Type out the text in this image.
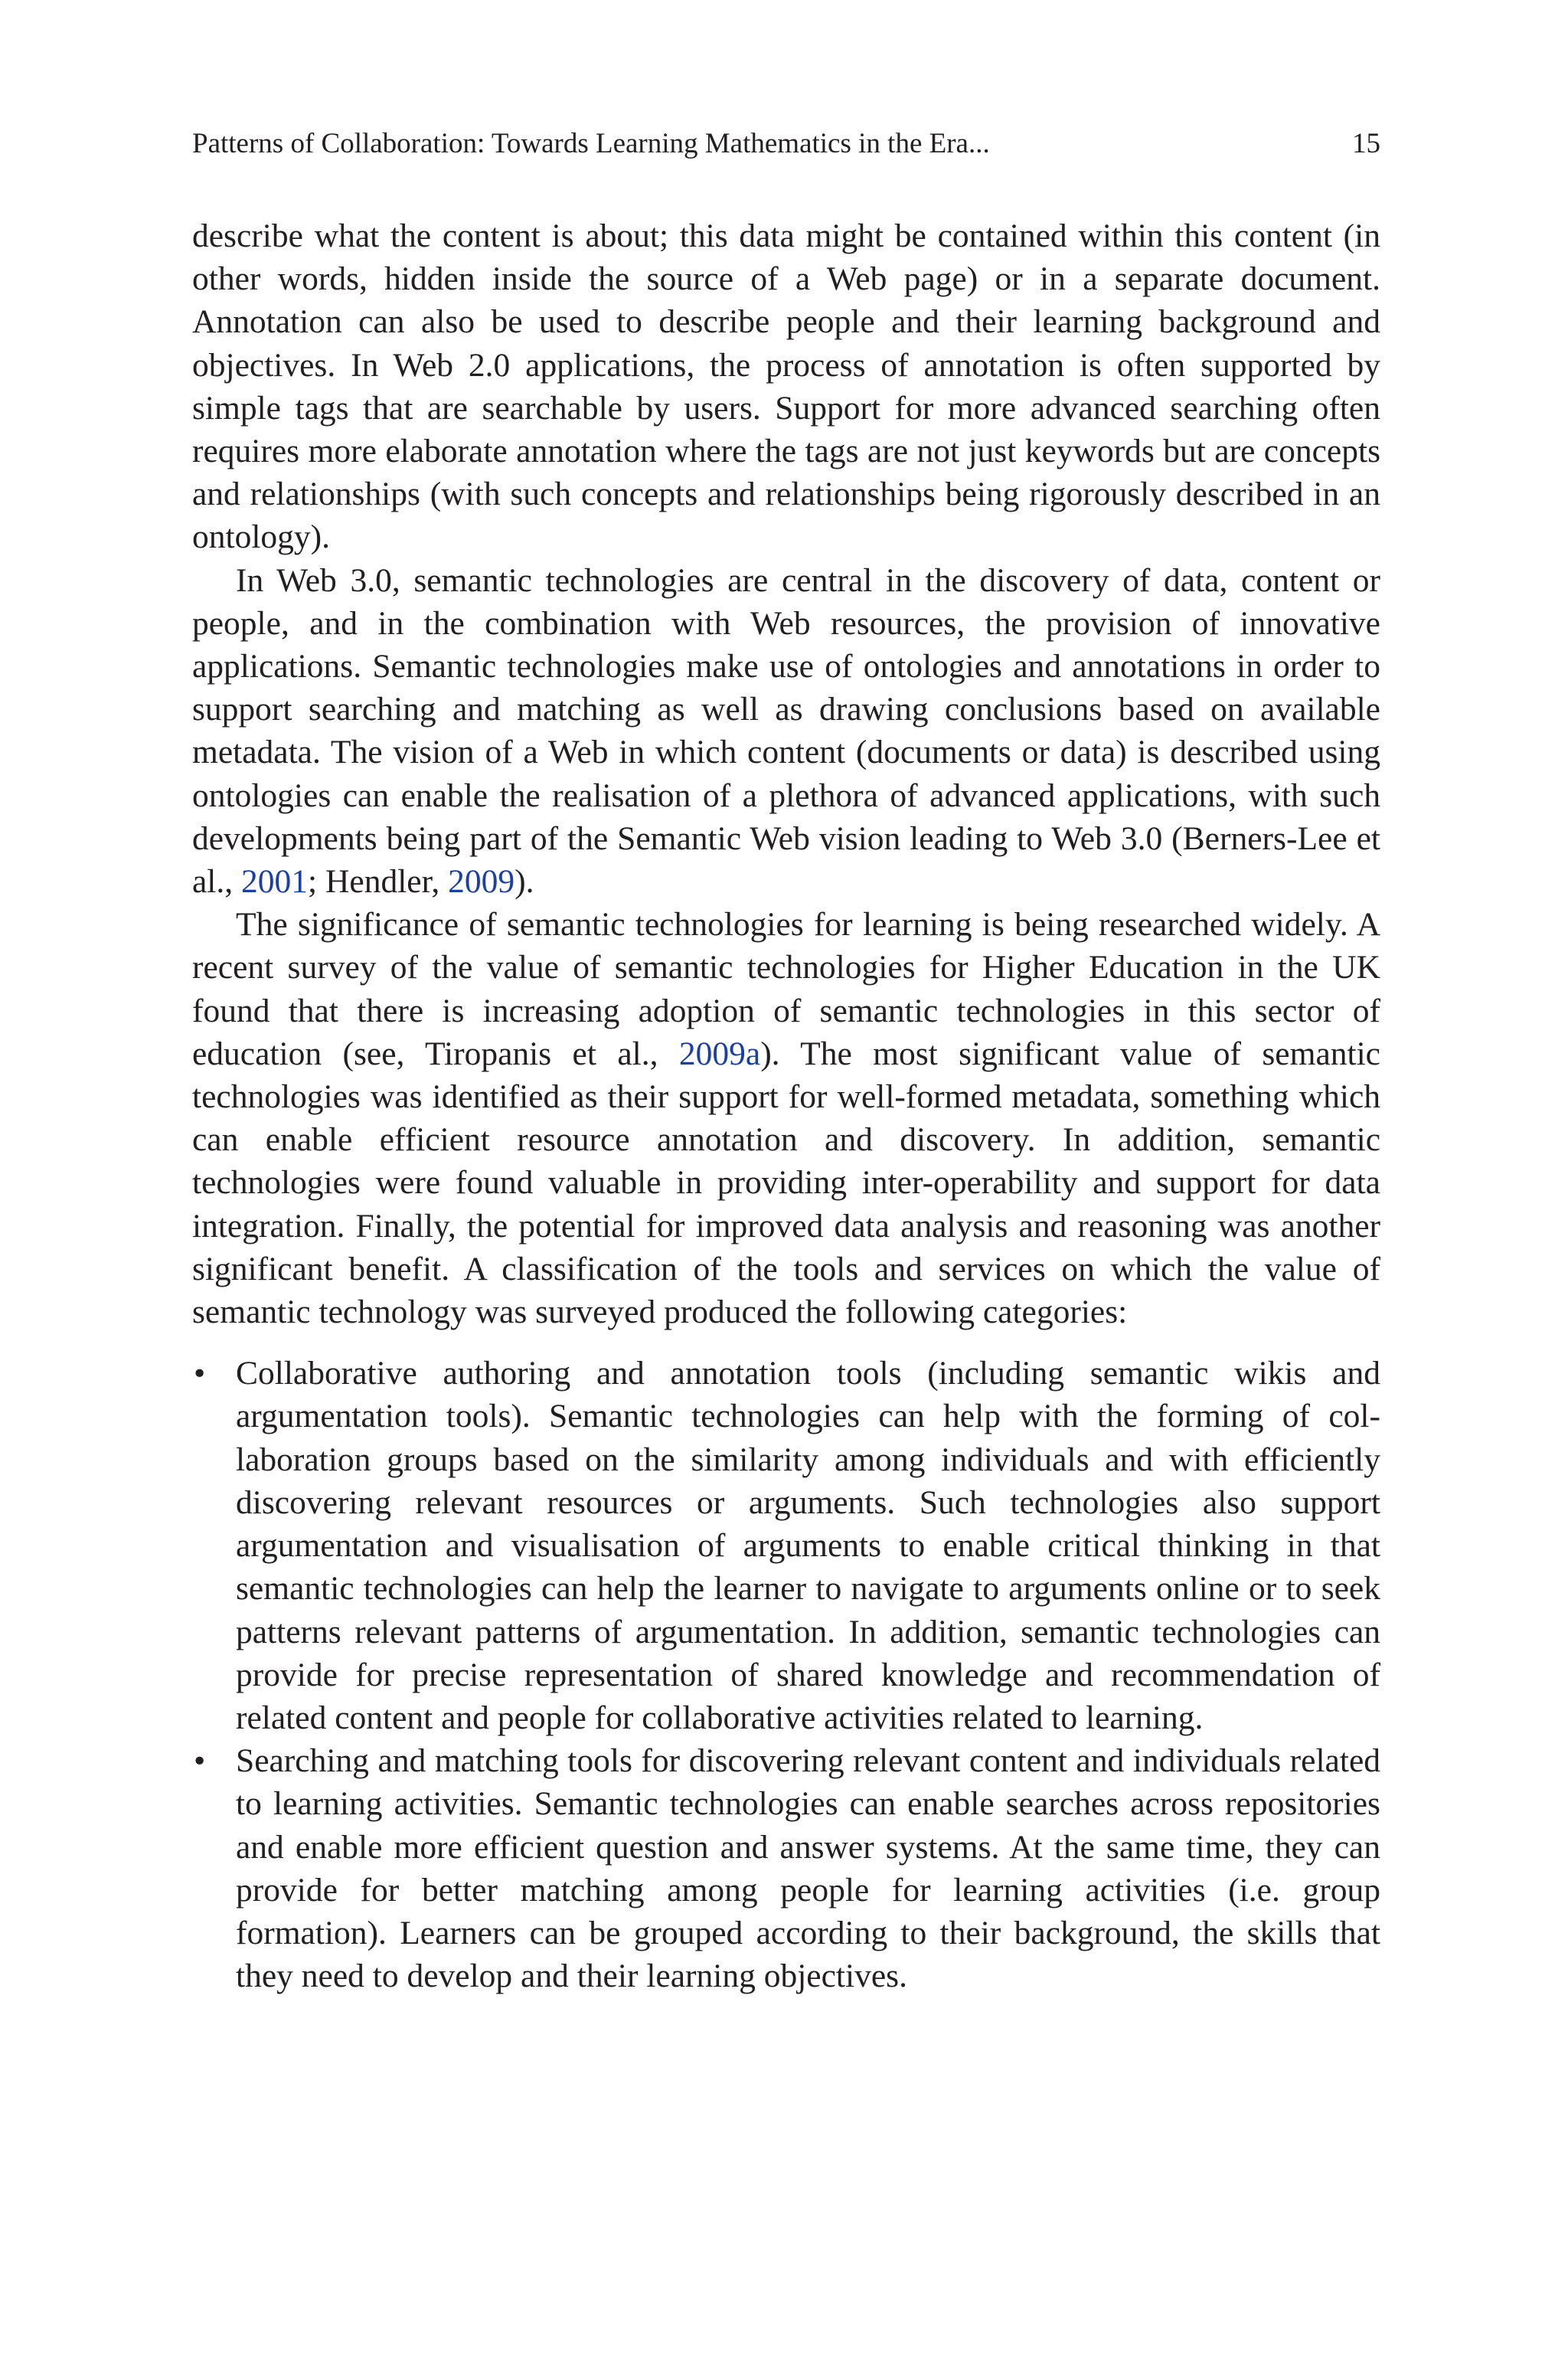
Patterns of Collaboration: Towards Learning Mathematics in the Era...	15

describe what the content is about; this data might be contained within this content (in other words, hidden inside the source of a Web page) or in a separate document. Annotation can also be used to describe people and their learning background and objectives. In Web 2.0 applications, the process of annotation is often supported by simple tags that are searchable by users. Support for more advanced searching often requires more elaborate annotation where the tags are not just keywords but are concepts and relationships (with such concepts and relationships being rigorously described in an ontology).

In Web 3.0, semantic technologies are central in the discovery of data, content or people, and in the combination with Web resources, the provision of innovative applications. Semantic technologies make use of ontologies and annotations in order to support searching and matching as well as drawing conclusions based on available metadata. The vision of a Web in which content (documents or data) is described using ontologies can enable the realisation of a plethora of advanced applications, with such developments being part of the Semantic Web vision leading to Web 3.0 (Berners-Lee et al., 2001; Hendler, 2009).

The significance of semantic technologies for learning is being researched widely. A recent survey of the value of semantic technologies for Higher Education in the UK found that there is increasing adoption of semantic technologies in this sector of education (see, Tiropanis et al., 2009a). The most significant value of semantic technologies was identified as their support for well-formed metadata, something which can enable efficient resource annotation and discovery. In addition, semantic technologies were found valuable in providing inter-operability and support for data integration. Finally, the potential for improved data analysis and reasoning was another significant benefit. A classification of the tools and services on which the value of semantic technology was surveyed produced the following categories:

• Collaborative authoring and annotation tools (including semantic wikis and argumentation tools). Semantic technologies can help with the forming of collaboration groups based on the similarity among individuals and with efficiently discovering relevant resources or arguments. Such technologies also support argumentation and visualisation of arguments to enable critical thinking in that semantic technologies can help the learner to navigate to arguments online or to seek patterns relevant patterns of argumentation. In addition, semantic technologies can provide for precise representation of shared knowledge and recommendation of related content and people for collaborative activities related to learning.
• Searching and matching tools for discovering relevant content and individuals related to learning activities. Semantic technologies can enable searches across repositories and enable more efficient question and answer systems. At the same time, they can provide for better matching among people for learning activities (i.e. group formation). Learners can be grouped according to their background, the skills that they need to develop and their learning objectives.
